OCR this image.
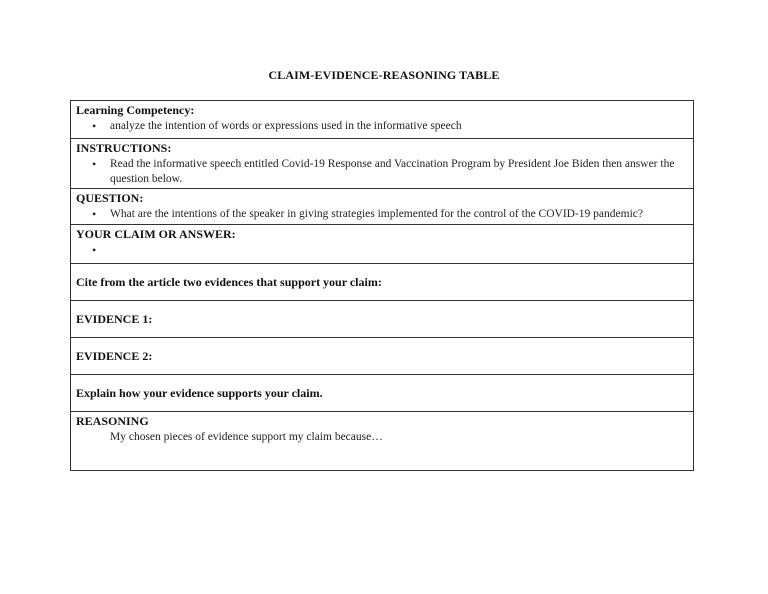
CLAIM-EVIDENCE-REASONING TABLE
Learning Competency:
• analyze the intention of words or expressions used in the informative speech

INSTRUCTIONS:
• Read the informative speech entitled Covid-19 Response and Vaccination Program by President Joe Biden then answer the question below.

QUESTION:
• What are the intentions of the speaker in giving strategies implemented for the control of the COVID-19 pandemic?

YOUR CLAIM OR ANSWER:

Cite from the article two evidences that support your claim:

EVIDENCE 1:

EVIDENCE 2:

Explain how your evidence supports your claim.

REASONING
My chosen pieces of evidence support my claim because…
